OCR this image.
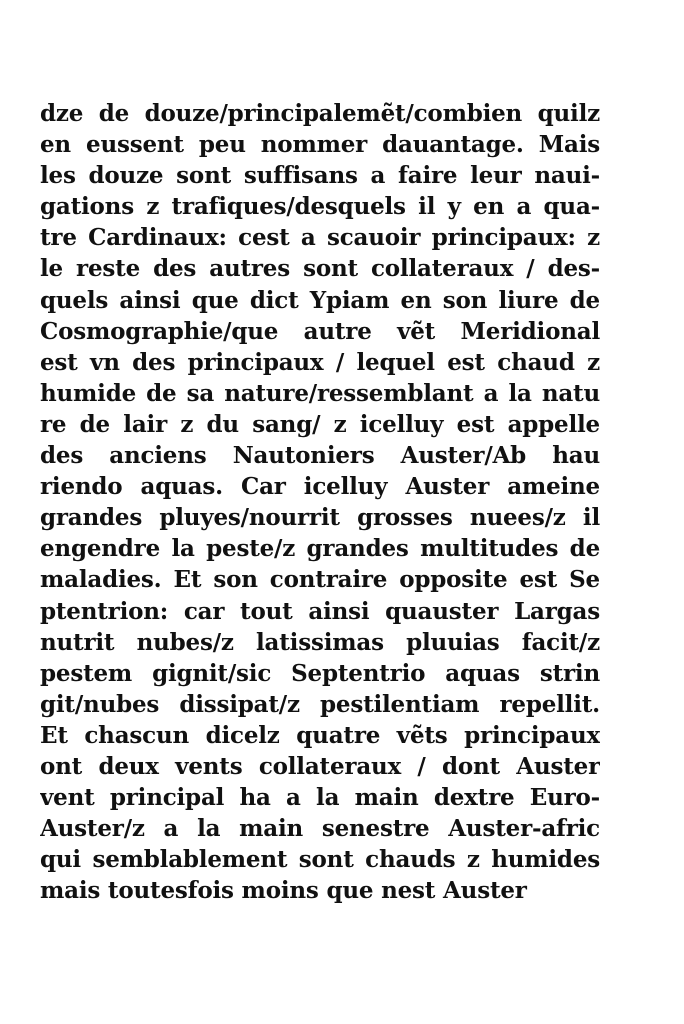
dze de douze/principalemẽt/combien quilz
en eussent peu nommer dauantage. Mais
les douze sont suffisans a faire leur naui-
gations z trafiques/desquels il y en a qua-
tre Cardinaux: cest a scauoir principaux: z
le reste des autres sont collateraux / des-
quels ainsi que dict Ypiam en son liure de
Cosmographie/que autre vẽt Meridional
est vn des principaux / lequel est chaud z
humide de sa nature/ressemblant a la natu
re de lair z du sang/ z icelluy est appelle
des anciens Nautoniers Auster/Ab hau
riendo aquas. Car icelluy Auster ameine
grandes pluyes/nourrit grosses nuees/z il
engendre la peste/z grandes multitudes de
maladies. Et son contraire opposite est Se
ptentrion: car tout ainsi quauster Largas
nutrit nubes/z latissimas pluuias facit/z
pestem gignit/sic Septentrio aquas strin
git/nubes dissipat/z pestilentiam repellit.
Et chascun dicelz quatre vẽts principaux
ont deux vents collateraux / dont Auster
vent principal ha a la main dextre Euro-
Auster/z a la main senestre Auster-afric
qui semblablement sont chauds z humides
mais toutesfois moins que nest Auster
